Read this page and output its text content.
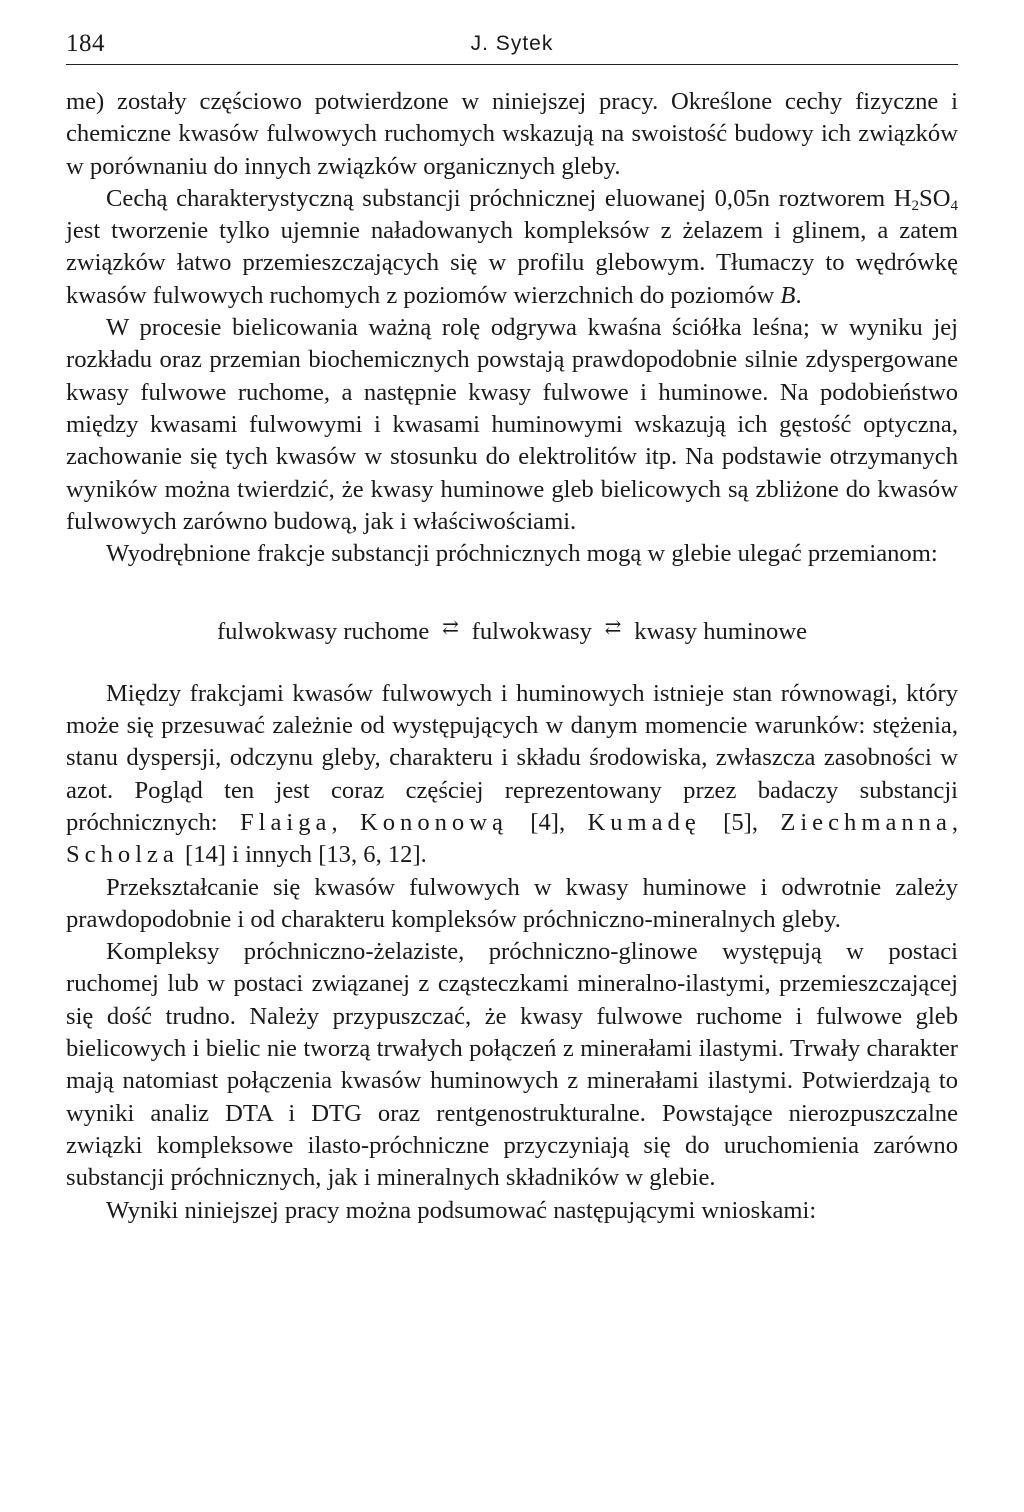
184	J. Sytek

me) zostały częściowo potwierdzone w niniejszej pracy. Określone cechy fizyczne i chemiczne kwasów fulwowych ruchomych wskazują na swoistość budowy ich związków w porównaniu do innych związków organicznych gleby.

Cechą charakterystyczną substancji próchnicznej eluowanej 0,05n roztworem $H_2SO_4$ jest tworzenie tylko ujemnie naładowanych kompleksów z żelazem i glinem, a zatem związków łatwo przemieszczających się w profilu glebowym. Tłumaczy to wędrówkę kwasów fulwowych ruchomych z poziomów wierzchnich do poziomów B.

W procesie bielicowania ważną rolę odgrywa kwaśna ściółka leśna; w wyniku jej rozkładu oraz przemian biochemicznych powstają prawdopodobnie silnie zdyspergowane kwasy fulwowe ruchome, a następnie kwasy fulwowe i huminowe. Na podobieństwo między kwasami fulwowymi i kwasami huminowymi wskazują ich gęstość optyczna, zachowanie się tych kwasów w stosunku do elektrolitów itp. Na podstawie otrzymanych wyników można twierdzić, że kwasy huminowe gleb bielicowych są zbliżone do kwasów fulwowych zarówno budową, jak i właściwościami.

Wyodrębnione frakcje substancji próchnicznych mogą w glebie ulegać przemianom:

fulwokwasy ruchome ⇄ fulwokwasy ⇄ kwasy huminowe

Między frakcjami kwasów fulwowych i huminowych istnieje stan równowagi, który może się przesuwać zależnie od występujących w danym momencie warunków: stężenia, stanu dyspersji, odczynu gleby, charakteru i składu środowiska, zwłaszcza zasobności w azot. Pogląd ten jest coraz częściej reprezentowany przez badaczy substancji próchnicznych: Flaiga, Kononową [4], Kumadę [5], Ziechmanna, Scholza [14] i innych [13, 6, 12].

Przekształcanie się kwasów fulwowych w kwasy huminowe i odwrotnie zależy prawdopodobnie i od charakteru kompleksów próchniczno-mineralnych gleby.

Kompleksy próchniczno-żelaziste, próchniczno-glinowe występują w postaci ruchomej lub w postaci związanej z cząsteczkami mineralno-ilastymi, przemieszczającej się dość trudno. Należy przypuszczać, że kwasy fulwowe ruchome i fulwowe gleb bielicowych i bielic nie tworzą trwałych połączeń z minerałami ilastymi. Trwały charakter mają natomiast połączenia kwasów huminowych z minerałami ilastymi. Potwierdzają to wyniki analiz DTA i DTG oraz rentgenostrukturalne. Powstające nierozpuszczalne związki kompleksowe ilasto-próchniczne przyczyniają się do uruchomienia zarówno substancji próchnicznych, jak i mineralnych składników w glebie.

Wyniki niniejszej pracy można podsumować następującymi wnioskami:
